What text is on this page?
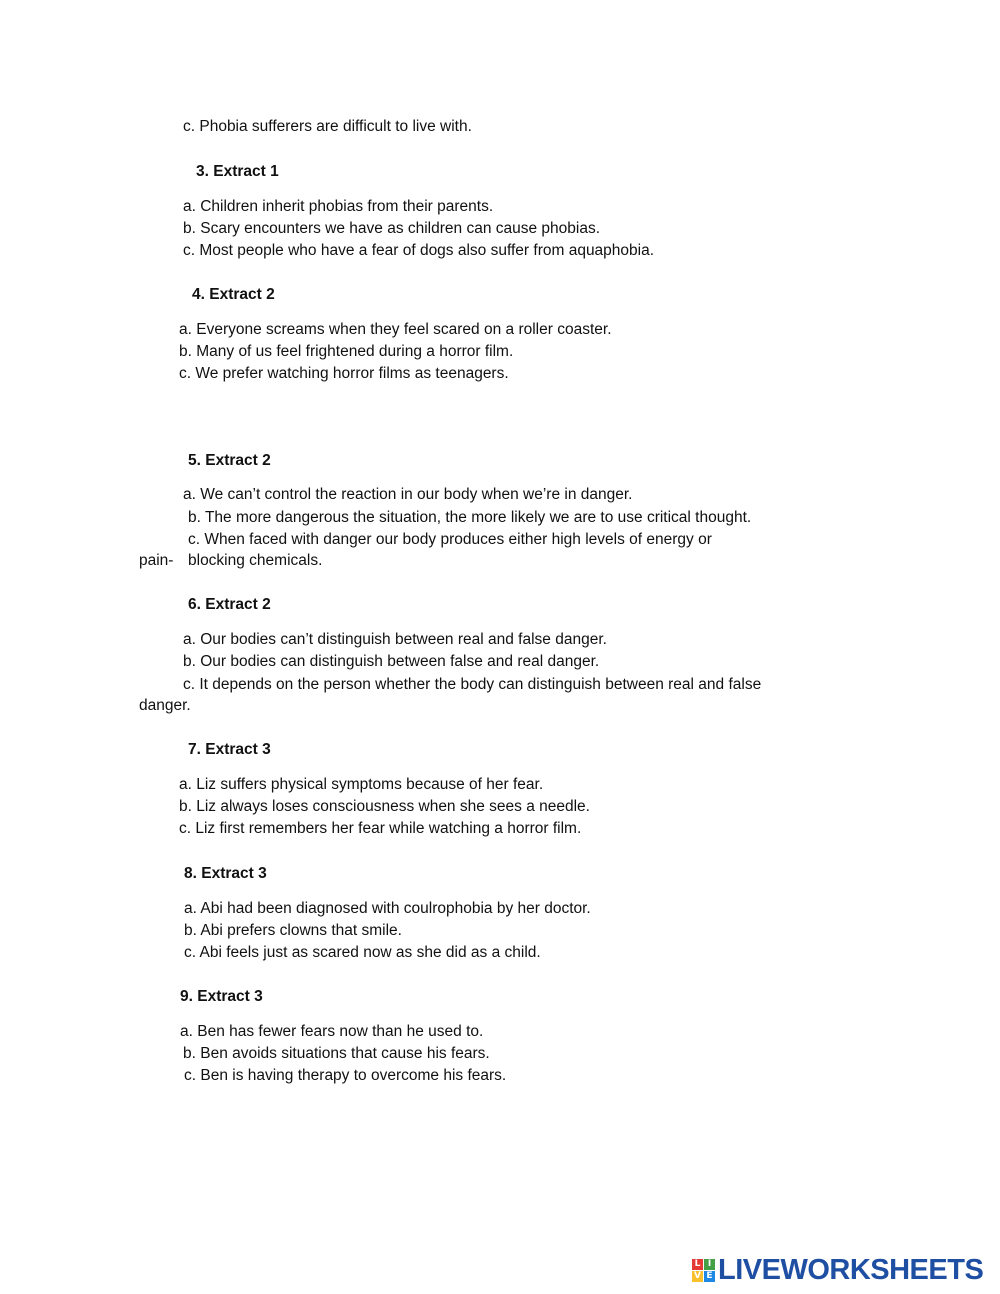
c. Phobia sufferers are difficult to live with.
3. Extract 1
a. Children inherit phobias from their parents.
b. Scary encounters we have as children can cause phobias.
c. Most people who have a fear of dogs also suffer from aquaphobia.
4. Extract 2
a. Everyone screams when they feel scared on a roller coaster.
b. Many of us feel frightened during a horror film.
c. We prefer watching horror films as teenagers.
5. Extract 2
a. We can’t control the reaction in our body when we’re in danger.
b. The more dangerous the situation, the more likely we are to use critical thought.
c. When faced with danger our body produces either high levels of energy or
pain- blocking chemicals.
6. Extract 2
a. Our bodies can’t distinguish between real and false danger.
b. Our bodies can distinguish between false and real danger.
c. It depends on the person whether the body can distinguish between real and false
danger.
7. Extract 3
a. Liz suffers physical symptoms because of her fear.
b. Liz always loses consciousness when she sees a needle.
c. Liz first remembers her fear while watching a horror film.
8. Extract 3
a. Abi had been diagnosed with coulrophobia by her doctor.
b. Abi prefers clowns that smile.
c. Abi feels just as scared now as she did as a child.
9. Extract 3
a. Ben has fewer fears now than he used to.
b. Ben avoids situations that cause his fears.
c. Ben is having therapy to overcome his fears.
L I
V E LIVEWORKSHEETS
